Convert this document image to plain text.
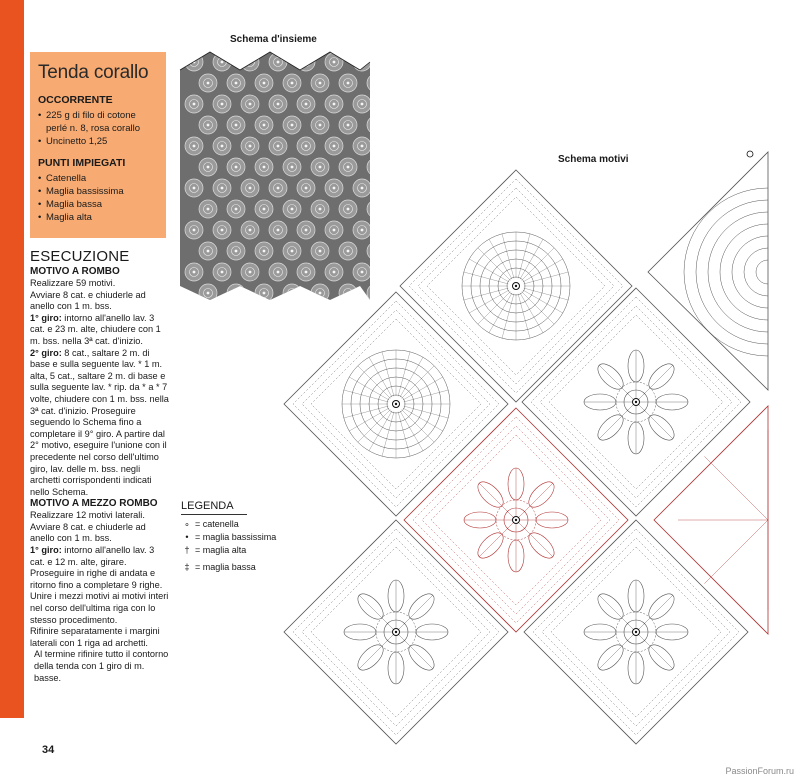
Tenda corallo
OCCORRENTE
• 225 g di filo di cotone perlé n. 8, rosa corallo
• Uncinetto 1,25
PUNTI IMPIEGATI
• Catenella
• Maglia bassissima
• Maglia bassa
• Maglia alta
ESECUZIONE
MOTIVO A ROMBO

Realizzare 59 motivi.

Avviare 8 cat. e chiuderle ad anello con 1 m. bss.

1° giro: intorno all'anello lav. 3 cat. e 23 m. alte, chiudere con 1 m. bss. nella 3ª cat. d'inizio.

2° giro: 8 cat., saltare 2 m. di base e sulla seguente lav. * 1 m. alta, 5 cat., saltare 2 m. di base e sulla seguente lav. * rip. da * a * 7 volte, chiudere con 1 m. bss. nella 3ª cat. d'inizio. Proseguire seguendo lo Schema fino a completare il 9° giro. A partire dal 2° motivo, eseguire l'unione con il precedente nel corso dell'ultimo giro, lav. delle m. bss. negli archetti corrispondenti indicati nello Schema.

MOTIVO A MEZZO ROMBO

Realizzare 12 motivi laterali.

Avviare 8 cat. e chiuderle ad anello con 1 m. bss.

1° giro: intorno all'anello lav. 3 cat. e 12 m. alte, girare.

Proseguire in righe di andata e ritorno fino a completare 9 righe. Unire i mezzi motivi ai motivi interi nel corso dell'ultima riga con lo stesso procedimento.

Rifinire separatamente i margini laterali con 1 riga ad archetti.

Al termine rifinire tutto il contorno della tenda con 1 giro di m. basse.

Schema d'insieme
Schema motivi
LEGENDA
∘ = catenella
• = maglia bassissima
† = maglia alta
‡ = maglia bassa
34
PassionForum.ru
